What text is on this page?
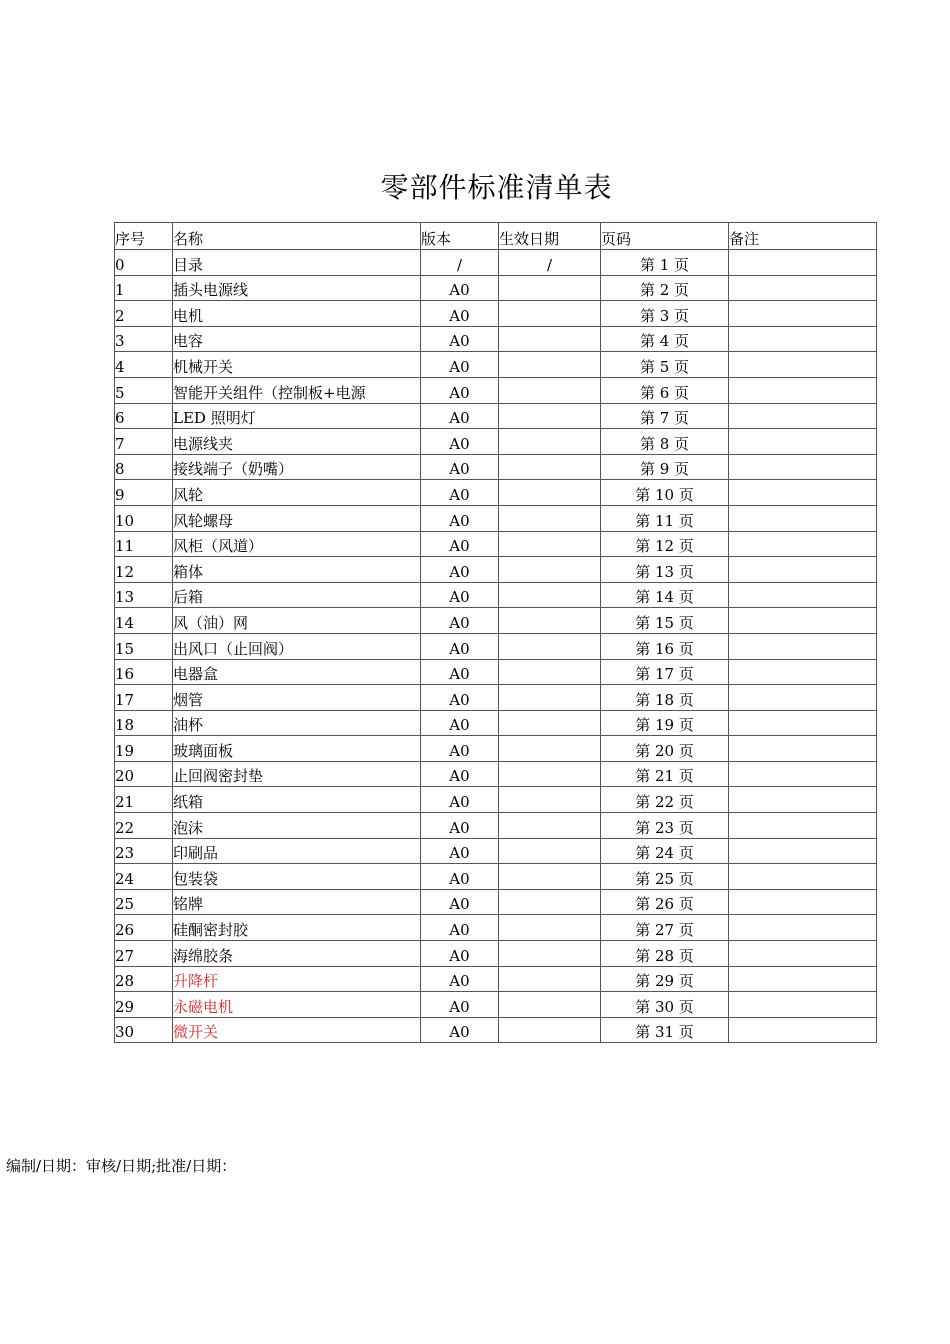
零部件标准清单表
序号	名称	版本	生效日期	页码	备注
0	目录	/	/	第 1 页	
1	插头电源线	A0		第 2 页	
2	电机	A0		第 3 页	
3	电容	A0		第 4 页	
4	机械开关	A0		第 5 页	
5	智能开关组件（控制板+电源	A0		第 6 页	
6	LED 照明灯	A0		第 7 页	
7	电源线夹	A0		第 8 页	
8	接线端子（奶嘴）	A0		第 9 页	
9	风轮	A0		第 10 页	
10	风轮螺母	A0		第 11 页	
11	风柜（风道）	A0		第 12 页	
12	箱体	A0		第 13 页	
13	后箱	A0		第 14 页	
14	风（油）网	A0		第 15 页	
15	出风口（止回阀）	A0		第 16 页	
16	电器盒	A0		第 17 页	
17	烟管	A0		第 18 页	
18	油杯	A0		第 19 页	
19	玻璃面板	A0		第 20 页	
20	止回阀密封垫	A0		第 21 页	
21	纸箱	A0		第 22 页	
22	泡沫	A0		第 23 页	
23	印刷品	A0		第 24 页	
24	包装袋	A0		第 25 页	
25	铭牌	A0		第 26 页	
26	硅酮密封胶	A0		第 27 页	
27	海绵胶条	A0		第 28 页	
28	升降杆	A0		第 29 页	
29	永磁电机	A0		第 30 页	
30	微开关	A0		第 31 页	
编制/日期：审核/日期;批准/日期：
